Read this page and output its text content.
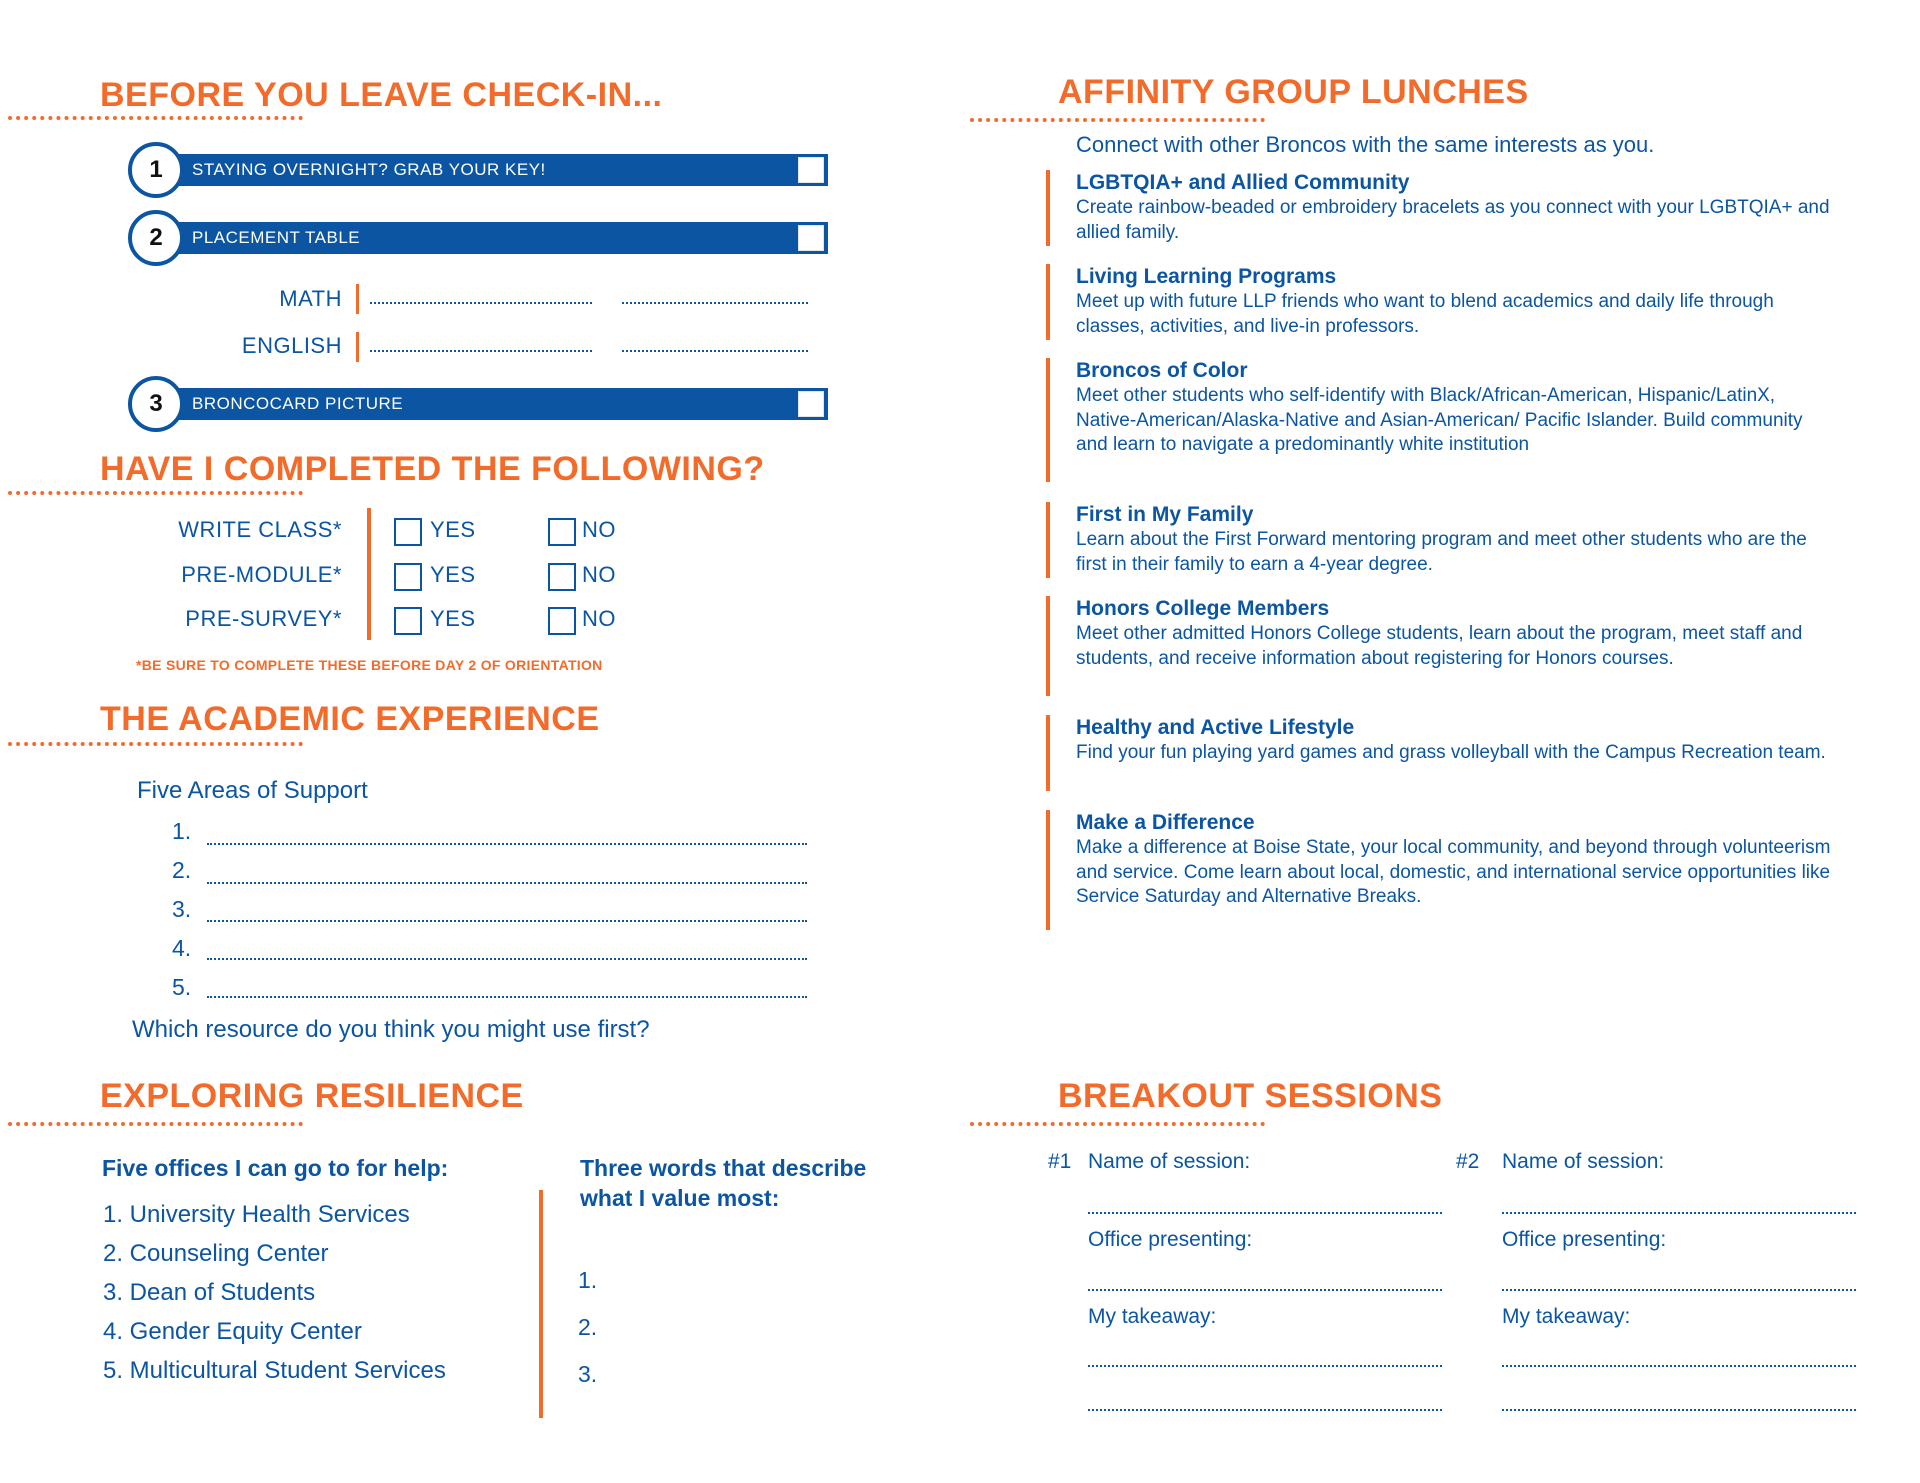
BEFORE YOU LEAVE CHECK-IN...
1	STAYING OVERNIGHT? GRAB YOUR KEY!
2	PLACEMENT TABLE
MATH
ENGLISH
3	BRONCOCARD PICTURE
HAVE I COMPLETED THE FOLLOWING?
WRITE CLASS*	YES	NO
PRE-MODULE*	YES	NO
PRE-SURVEY*	YES	NO
*BE SURE TO COMPLETE THESE BEFORE DAY 2 OF ORIENTATION
THE ACADEMIC EXPERIENCE
Five Areas of Support
1.
2.
3.
4.
5.
Which resource do you think you might use first?
EXPLORING RESILIENCE
Five offices I can go to for help:
1. University Health Services
2. Counseling Center
3. Dean of Students
4. Gender Equity Center
5. Multicultural Student Services
Three words that describe what I value most:
1.
2.
3.
AFFINITY GROUP LUNCHES
Connect with other Broncos with the same interests as you.
LGBTQIA+ and Allied Community
Create rainbow-beaded or embroidery bracelets as you connect with your LGBTQIA+ and allied family.
Living Learning Programs
Meet up with future LLP friends who want to blend academics and daily life through classes, activities, and live-in professors.
Broncos of Color
Meet other students who self-identify with Black/African-American, Hispanic/LatinX, Native-American/Alaska-Native and Asian-American/ Pacific Islander. Build community and learn to navigate a predominantly white institution
First in My Family
Learn about the First Forward mentoring program and meet other students who are the first in their family to earn a 4-year degree.
Honors College Members
Meet other admitted Honors College students, learn about the program, meet staff and students, and receive information about registering for Honors courses.
Healthy and Active Lifestyle
Find your fun playing yard games and grass volleyball with the Campus Recreation team.
Make a Difference
Make a difference at Boise State, your local community, and beyond through volunteerism and service. Come learn about local, domestic, and international service opportunities like Service Saturday and Alternative Breaks.
BREAKOUT SESSIONS
#1 Name of session:
Office presenting:
My takeaway:
#2 Name of session:
Office presenting:
My takeaway:
